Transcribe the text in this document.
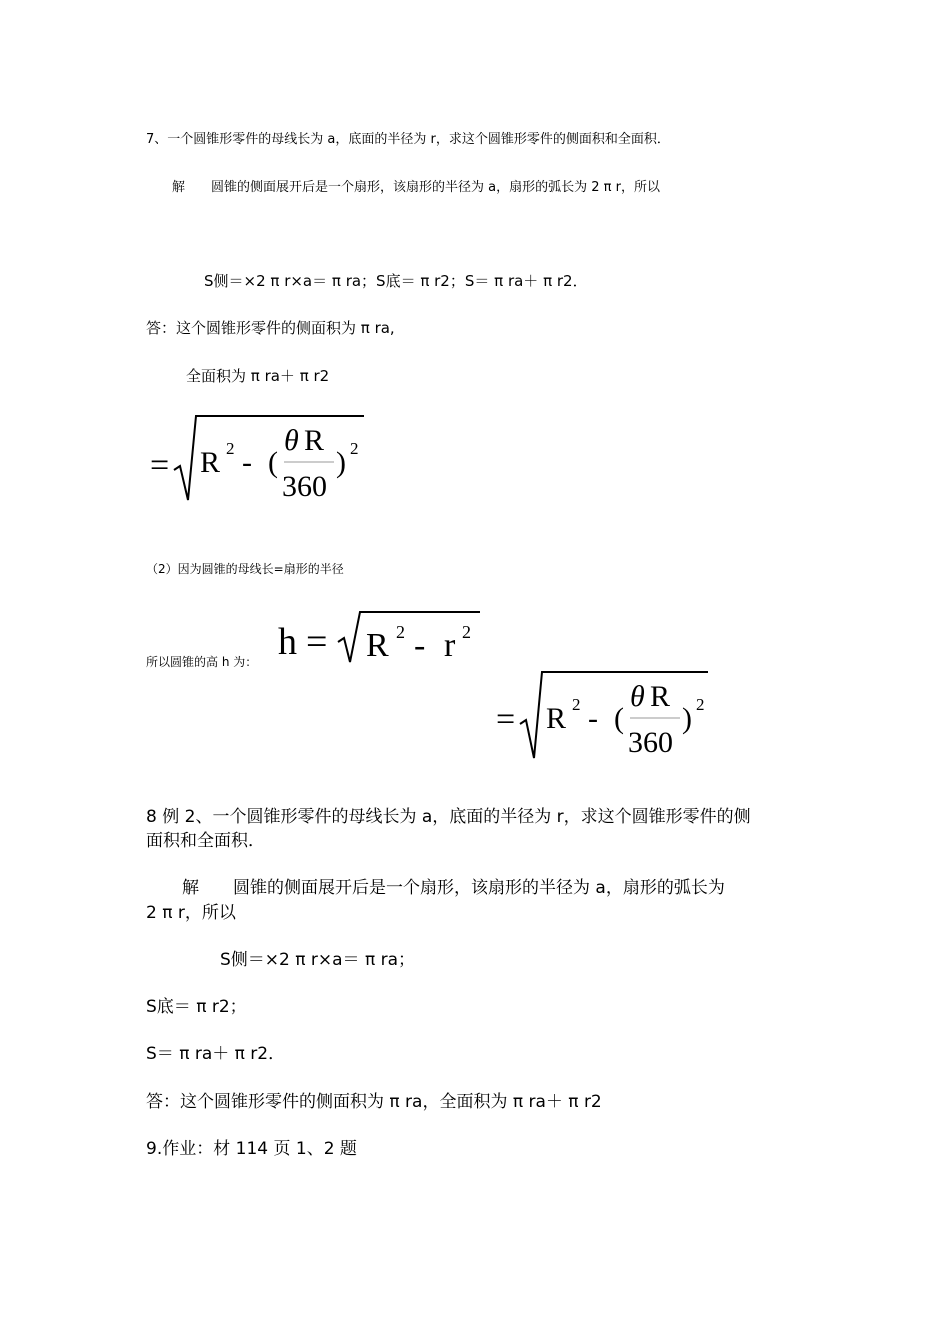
7、一个圆锥形零件的母线长为 a，底面的半径为 r，求这个圆锥形零件的侧面积和全面积．
解　　圆锥的侧面展开后是一个扇形，该扇形的半径为 a，扇形的弧长为 2 π r，所以
S侧＝×2 π r×a＝ π ra；S底＝ π r2；S＝ π ra＋ π r2．
答：这个圆锥形零件的侧面积为 π ra,
全面积为 π ra＋ π r2
= R 2 - (
θ R
360
) 2
（2）因为圆锥的母线长=扇形的半径
所以圆锥的高 h 为： h = R 2 - r 2
= R 2 - (
θ R
360
) 2
8 例 2、一个圆锥形零件的母线长为 a，底面的半径为 r，求这个圆锥形零件的侧
面积和全面积．
解　　圆锥的侧面展开后是一个扇形，该扇形的半径为 a，扇形的弧长为
2 π r，所以
S侧＝×2 π r×a＝ π ra；
S底＝ π r2；
S＝ π ra＋ π r2．
答：这个圆锥形零件的侧面积为 π ra，全面积为 π ra＋ π r2
9.作业：材 114 页 1、2 题
